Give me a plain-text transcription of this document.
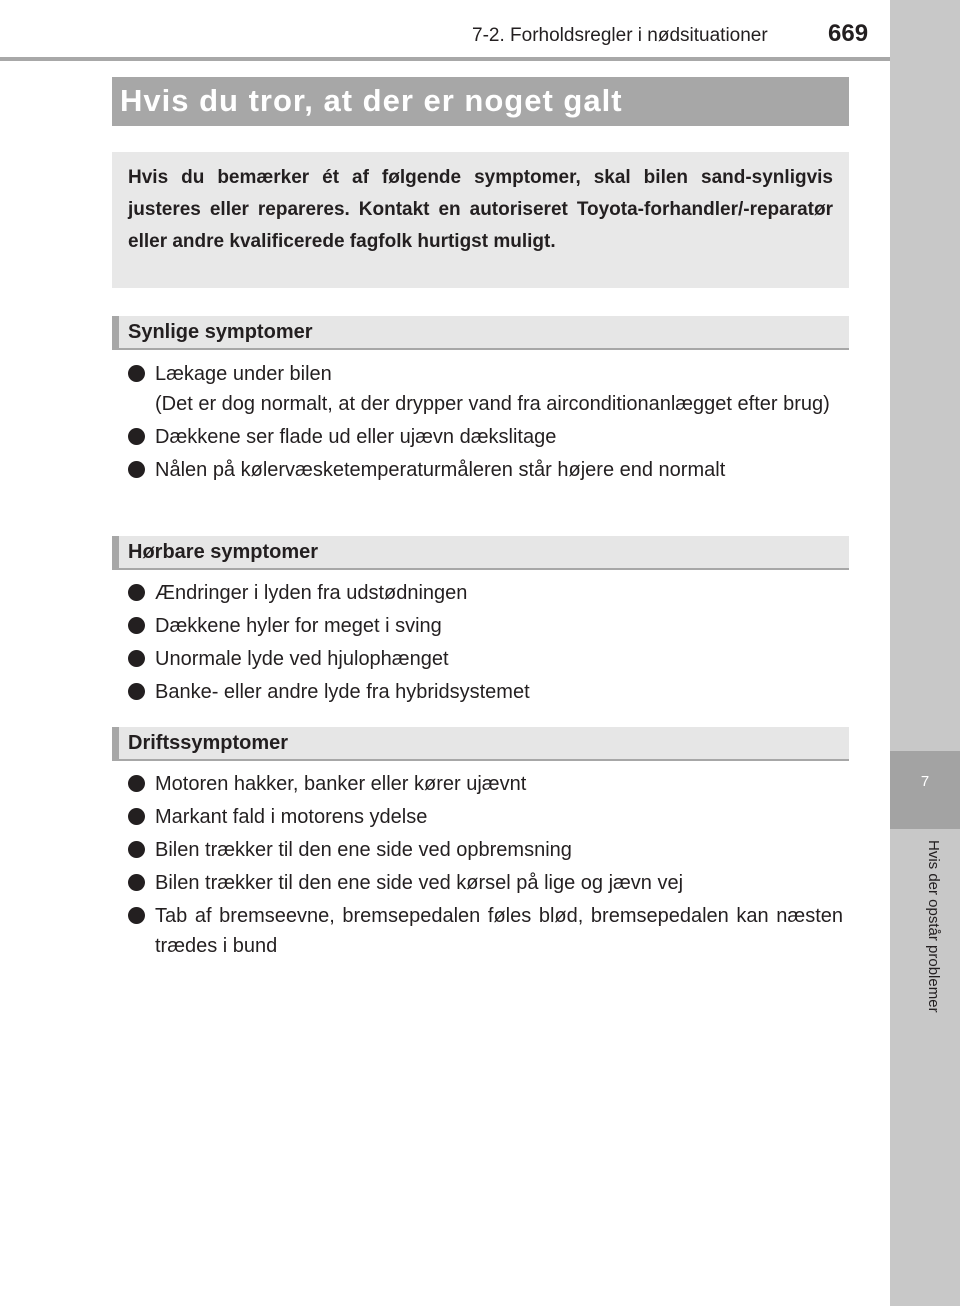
7
Hvis der opstår problemer
7-2. Forholdsregler i nødsituationer	669
Hvis du tror, at der er noget galt
Hvis du bemærker ét af følgende symptomer, skal bilen sand-synligvis justeres eller repareres. Kontakt en autoriseret Toyota-forhandler/-reparatør eller andre kvalificerede fagfolk hurtigst muligt.
Synlige symptomer
Lækage under bilen
(Det er dog normalt, at der drypper vand fra airconditionanlægget efter brug)
Dækkene ser flade ud eller ujævn dækslitage
Nålen på kølervæsketemperaturmåleren står højere end normalt
Hørbare symptomer
Ændringer i lyden fra udstødningen
Dækkene hyler for meget i sving
Unormale lyde ved hjulophænget
Banke- eller andre lyde fra hybridsystemet
Driftssymptomer
Motoren hakker, banker eller kører ujævnt
Markant fald i motorens ydelse
Bilen trækker til den ene side ved opbremsning
Bilen trækker til den ene side ved kørsel på lige og jævn vej
Tab af bremseevne, bremsepedalen føles blød, bremsepedalen kan næsten trædes i bund
